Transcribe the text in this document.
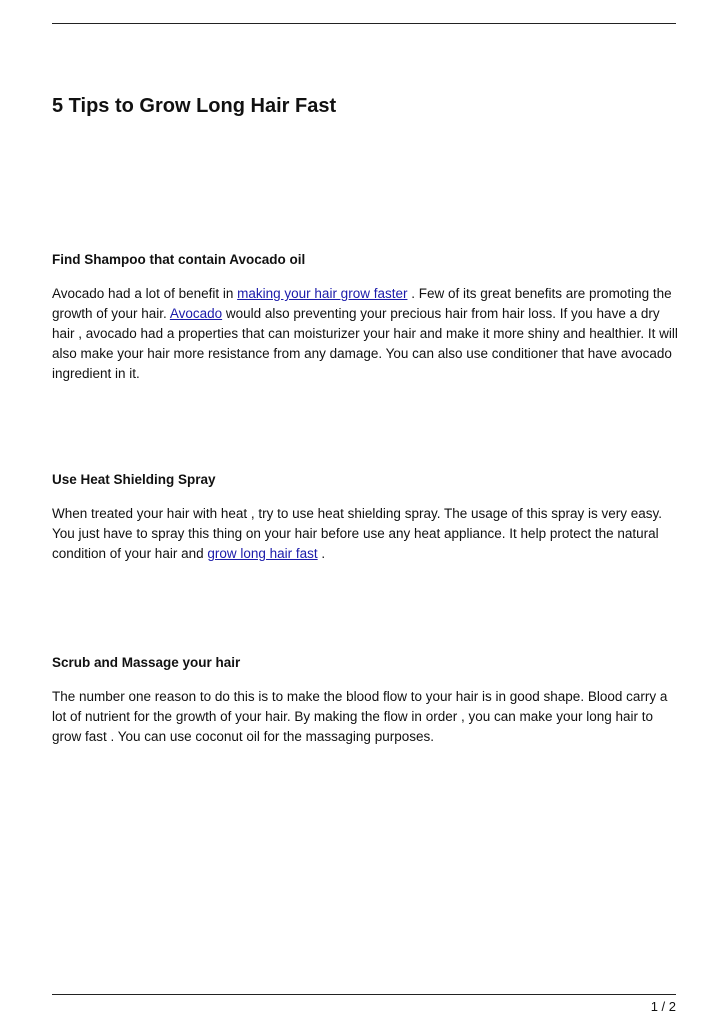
5 Tips to Grow Long Hair Fast
Find Shampoo that contain Avocado oil

Avocado had a lot of benefit in making your hair grow faster . Few of its great benefits are promoting the growth of your hair. Avocado would also preventing your precious hair from hair loss. If you have a dry hair , avocado had a properties that can moisturizer your hair and make it more shiny and healthier. It will also make your hair more resistance from any damage. You can also use conditioner that have avocado ingredient in it.

Use Heat Shielding Spray

When treated your hair with heat , try to use heat shielding spray. The usage of this spray is very easy. You just have to spray this thing on your hair before use any heat appliance. It help protect the natural condition of your hair and grow long hair fast .

Scrub and Massage your hair

The number one reason to do this is to make the blood flow to your hair is in good shape. Blood carry a lot of nutrient for the growth of your hair. By making the flow in order , you can make your long hair to grow fast . You can use coconut oil for the massaging purposes.

1 / 2
